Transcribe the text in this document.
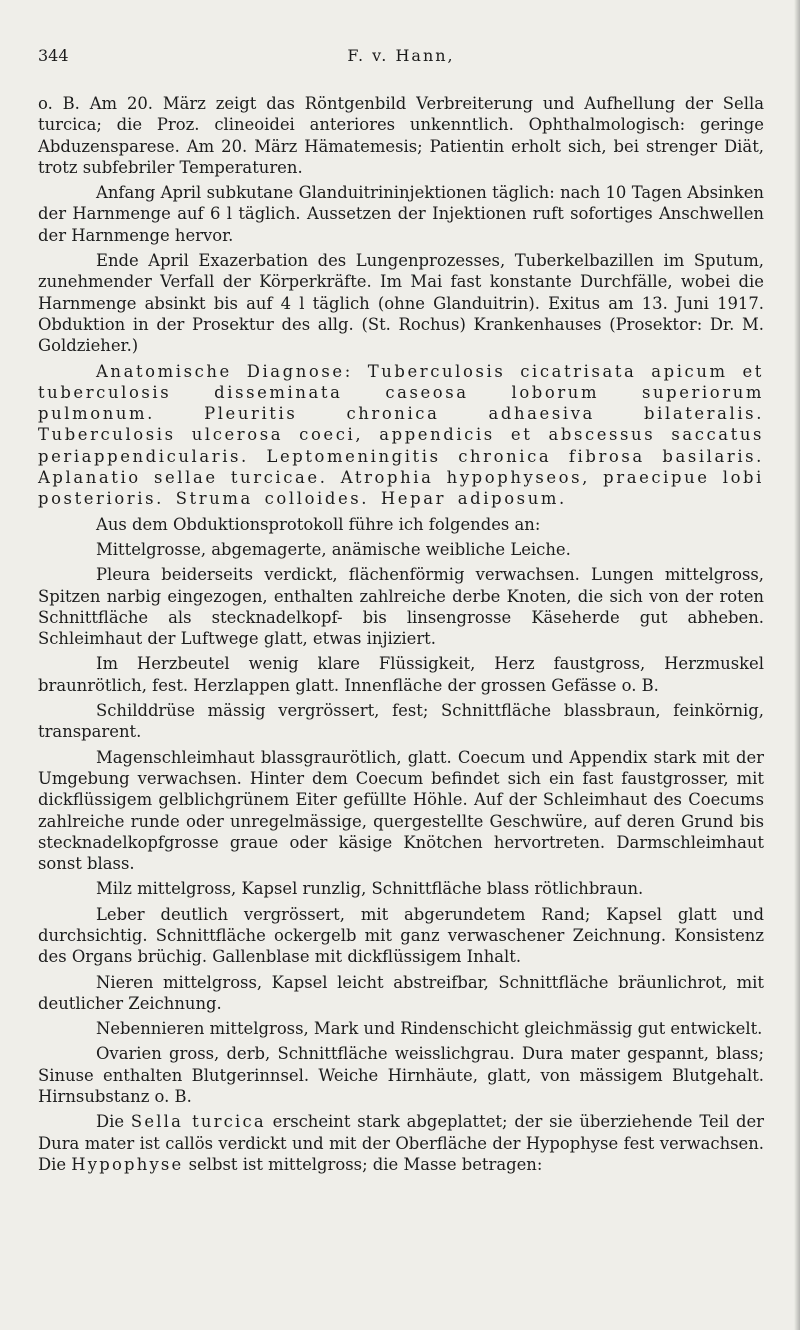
344	F. v. Hann,

o. B. Am 20. März zeigt das Röntgenbild Verbreiterung und Aufhellung der Sella turcica; die Proz. clineoidei anteriores unkenntlich. Ophthalmologisch: geringe Abduzensparese. Am 20. März Hämatemesis; Patientin erholt sich, bei strenger Diät, trotz subfebriler Temperaturen.

Anfang April subkutane Glanduitrininjektionen täglich: nach 10 Tagen Absinken der Harnmenge auf 6 l täglich. Aussetzen der Injektionen ruft sofortiges Anschwellen der Harnmenge hervor.

Ende April Exazerbation des Lungenprozesses, Tuberkelbazillen im Sputum, zunehmender Verfall der Körperkräfte. Im Mai fast konstante Durchfälle, wobei die Harnmenge absinkt bis auf 4 l täglich (ohne Glanduitrin). Exitus am 13. Juni 1917. Obduktion in der Prosektur des allg. (St. Rochus) Krankenhauses (Prosektor: Dr. M. Goldzieher.)

Anatomische Diagnose: Tuberculosis cicatrisata apicum et tuberculosis disseminata caseosa loborum superiorum pulmonum. Pleuritis chronica adhaesiva bilateralis. Tuberculosis ulcerosa coeci, appendicis et abscessus saccatus periappendicularis. Leptomeningitis chronica fibrosa basilaris. Aplanatio sellae turcicae. Atrophia hypophyseos, praecipue lobi posterioris. Struma colloides. Hepar adiposum.

Aus dem Obduktionsprotokoll führe ich folgendes an:

Mittelgrosse, abgemagerte, anämische weibliche Leiche.

Pleura beiderseits verdickt, flächenförmig verwachsen. Lungen mittelgross, Spitzen narbig eingezogen, enthalten zahlreiche derbe Knoten, die sich von der roten Schnittfläche als stecknadelkopf- bis linsengrosse Käseherde gut abheben. Schleimhaut der Luftwege glatt, etwas injiziert.

Im Herzbeutel wenig klare Flüssigkeit, Herz faustgross, Herzmuskel braunrötlich, fest. Herzlappen glatt. Innenfläche der grossen Gefässe o. B.

Schilddrüse mässig vergrössert, fest; Schnittfläche blassbraun, feinkörnig, transparent.

Magenschleimhaut blassgraurötlich, glatt. Coecum und Appendix stark mit der Umgebung verwachsen. Hinter dem Coecum befindet sich ein fast faustgrosser, mit dickflüssigem gelblichgrünem Eiter gefüllte Höhle. Auf der Schleimhaut des Coecums zahlreiche runde oder unregelmässige, quergestellte Geschwüre, auf deren Grund bis stecknadelkopfgrosse graue oder käsige Knötchen hervortreten. Darmschleimhaut sonst blass.

Milz mittelgross, Kapsel runzlig, Schnittfläche blass rötlichbraun.

Leber deutlich vergrössert, mit abgerundetem Rand; Kapsel glatt und durchsichtig. Schnittfläche ockergelb mit ganz verwaschener Zeichnung. Konsistenz des Organs brüchig. Gallenblase mit dickflüssigem Inhalt.

Nieren mittelgross, Kapsel leicht abstreifbar, Schnittfläche bräunlichrot, mit deutlicher Zeichnung.

Nebennieren mittelgross, Mark und Rindenschicht gleichmässig gut entwickelt.

Ovarien gross, derb, Schnittfläche weisslichgrau. Dura mater gespannt, blass; Sinuse enthalten Blutgerinnsel. Weiche Hirnhäute, glatt, von mässigem Blutgehalt. Hirnsubstanz o. B.

Die Sella turcica erscheint stark abgeplattet; der sie überziehende Teil der Dura mater ist callös verdickt und mit der Oberfläche der Hypophyse fest verwachsen. Die Hypophyse selbst ist mittelgross; die Masse betragen:
